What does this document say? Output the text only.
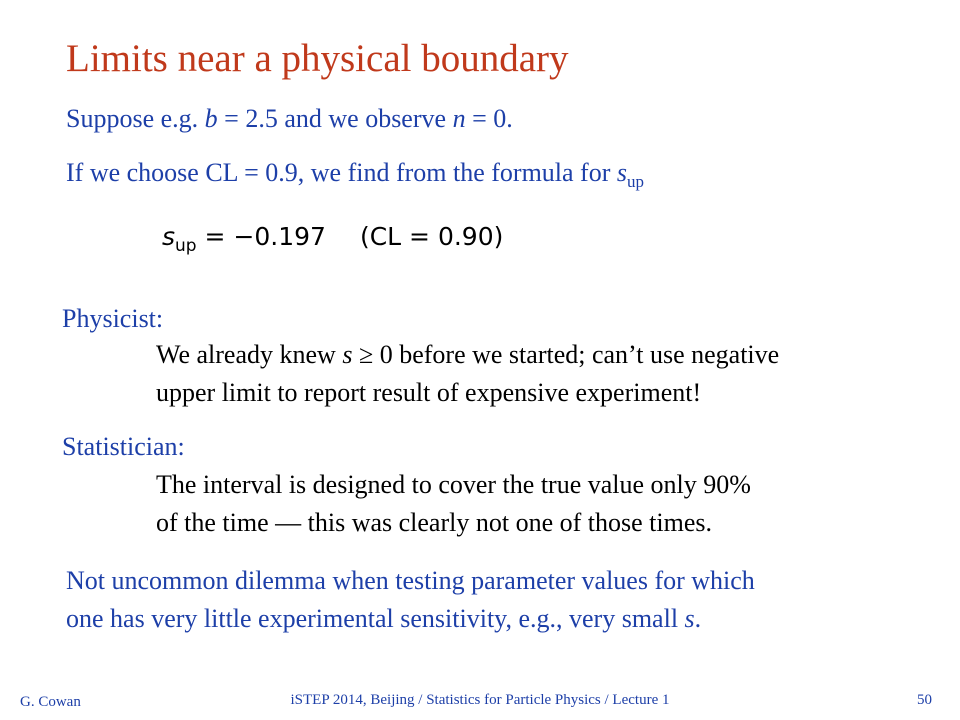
Limits near a physical boundary
Suppose e.g. b = 2.5 and we observe n = 0.
If we choose CL = 0.9, we find from the formula for $s_{up}$
$s_{up} = -0.197$ (CL = 0.90)
Physicist:
We already knew s ≥ 0 before we started; can’t use negative
upper limit to report result of expensive experiment!
Statistician:
The interval is designed to cover the true value only 90%
of the time — this was clearly not one of those times.
Not uncommon dilemma when testing parameter values for which
one has very little experimental sensitivity, e.g., very small s.
G. Cowan	iSTEP 2014, Beijing / Statistics for Particle Physics / Lecture 1	50
